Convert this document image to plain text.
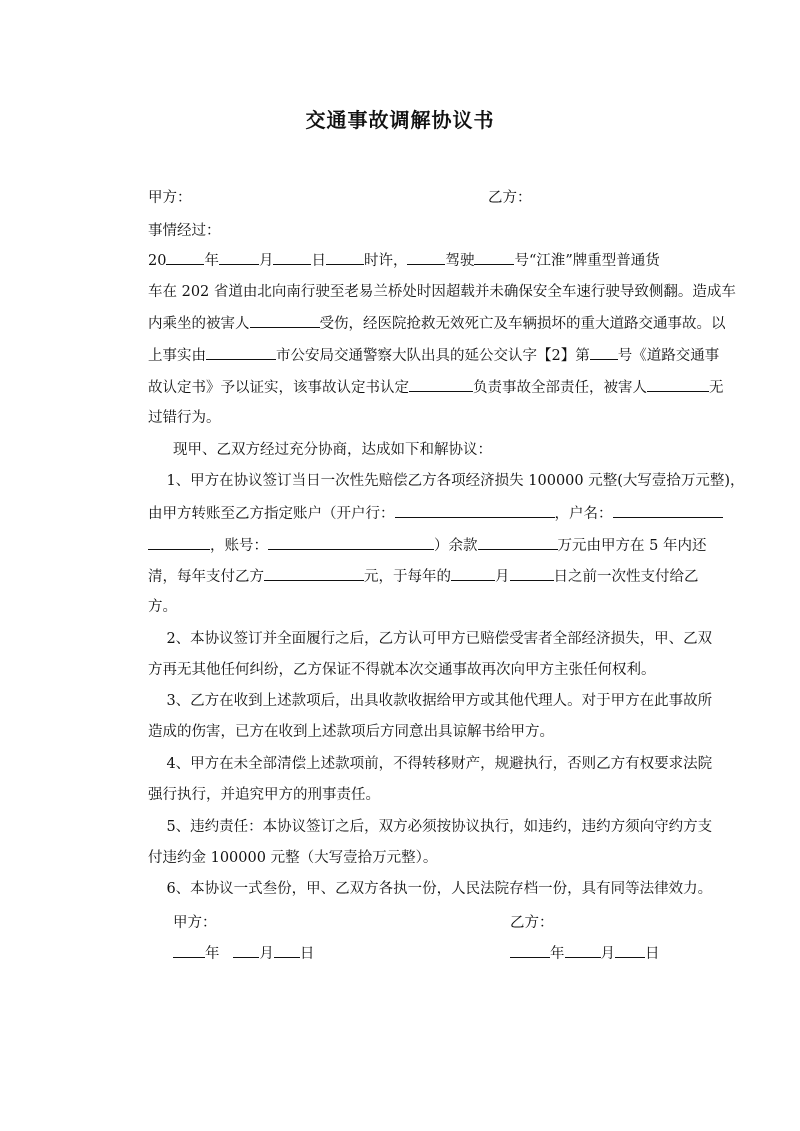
交通事故调解协议书
甲方：	乙方：
事情经过：
20	年	月	日	时许，	驾驶	号“江淮”牌重型普通货
车在 202 省道由北向南行驶至老易兰桥处时因超载并未确保安全车速行驶导致侧翻。造成车
内乘坐的被害人	受伤，经医院抢救无效死亡及车辆损坏的重大道路交通事故。以
上事实由	市公安局交通警察大队出具的延公交认字【2】第 号《道路交通事
故认定书》予以证实，该事故认定书认定	负责事故全部责任，被害人	无
过错行为。
现甲、乙双方经过充分协商，达成如下和解协议：
1、甲方在协议签订当日一次性先赔偿乙方各项经济损失 100000 元整(大写壹拾万元整)，
由甲方转账至乙方指定账户（开户行：	，户名：
，账号：	）余款	万元由甲方在 5 年内还
清，每年支付乙方	元，于每年的	月	日之前一次性支付给乙
方。
2、本协议签订并全面履行之后，乙方认可甲方已赔偿受害者全部经济损失，甲、乙双
方再无其他任何纠纷，乙方保证不得就本次交通事故再次向甲方主张任何权利。
3、乙方在收到上述款项后，出具收款收据给甲方或其他代理人。对于甲方在此事故所
造成的伤害，已方在收到上述款项后方同意出具谅解书给甲方。
4、甲方在未全部清偿上述款项前，不得转移财产，规避执行，否则乙方有权要求法院
强行执行，并追究甲方的刑事责任。
5、违约责任：本协议签订之后，双方必须按协议执行，如违约，违约方须向守约方支
付违约金 100000 元整（大写壹拾万元整）。
6、本协议一式叁份，甲、乙双方各执一份，人民法院存档一份，具有同等法律效力。
甲方：	乙方：
年	月 日	年 月 日
